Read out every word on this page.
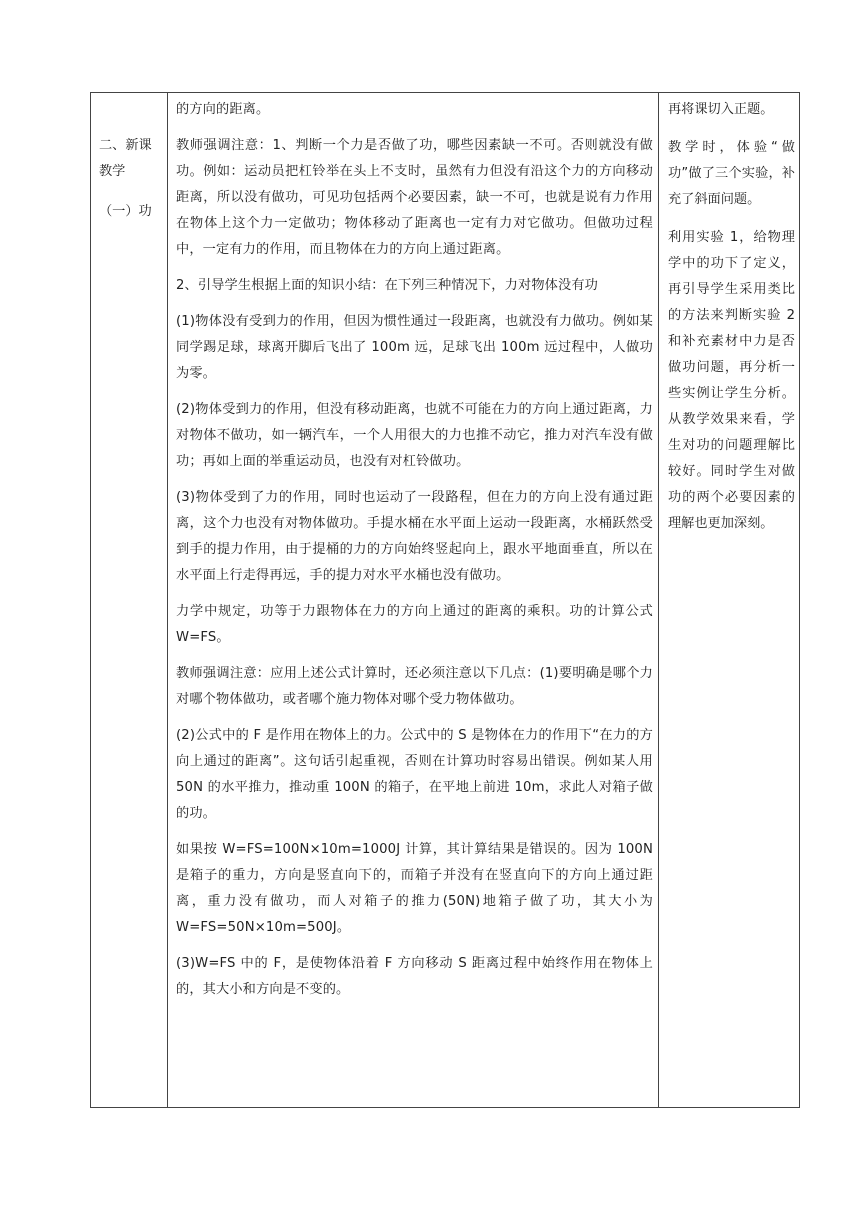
二、新课

教学

（一）功

的方向的距离。

教师强调注意：1、判断一个力是否做了功，哪些因素缺一不可。否则就没有做功。例如：运动员把杠铃举在头上不支时，虽然有力但没有沿这个力的方向移动距离，所以没有做功，可见功包括两个必要因素，缺一不可，也就是说有力作用在物体上这个力一定做功；物体移动了距离也一定有力对它做功。但做功过程中，一定有力的作用，而且物体在力的方向上通过距离。

2、引导学生根据上面的知识小结：在下列三种情况下，力对物体没有功

(1)物体没有受到力的作用，但因为惯性通过一段距离，也就没有力做功。例如某同学踢足球，球离开脚后飞出了 100m 远，足球飞出 100m 远过程中，人做功为零。

(2)物体受到力的作用，但没有移动距离，也就不可能在力的方向上通过距离，力对物体不做功，如一辆汽车，一个人用很大的力也推不动它，推力对汽车没有做功；再如上面的举重运动员，也没有对杠铃做功。

(3)物体受到了力的作用，同时也运动了一段路程，但在力的方向上没有通过距离，这个力也没有对物体做功。手提水桶在水平面上运动一段距离，水桶跃然受到手的提力作用，由于提桶的力的方向始终竖起向上，跟水平地面垂直，所以在水平面上行走得再远，手的提力对水平水桶也没有做功。

力学中规定，功等于力跟物体在力的方向上通过的距离的乘积。功的计算公式 W=FS。

教师强调注意：应用上述公式计算时，还必须注意以下几点：(1)要明确是哪个力对哪个物体做功，或者哪个施力物体对哪个受力物体做功。

(2)公式中的 F 是作用在物体上的力。公式中的 S 是物体在力的作用下“在力的方向上通过的距离”。这句话引起重视，否则在计算功时容易出错误。例如某人用 50N 的水平推力，推动重 100N 的箱子，在平地上前进 10m，求此人对箱子做的功。

如果按 W=FS=100N×10m=1000J 计算，其计算结果是错误的。因为 100N 是箱子的重力，方向是竖直向下的，而箱子并没有在竖直向下的方向上通过距离，重力没有做功，而人对箱子的推力(50N)地箱子做了功，其大小为 W=FS=50N×10m=500J。

(3)W=FS 中的 F，是使物体沿着 F 方向移动 S 距离过程中始终作用在物体上的，其大小和方向是不变的。

再将课切入正题。

教学时，体验“做功”做了三个实验，补充了斜面问题。

利用实验 1，给物理学中的功下了定义，再引导学生采用类比的方法来判断实验 2 和补充素材中力是否做功问题，再分析一些实例让学生分析。从教学效果来看，学生对功的问题理解比较好。同时学生对做功的两个必要因素的理解也更加深刻。
